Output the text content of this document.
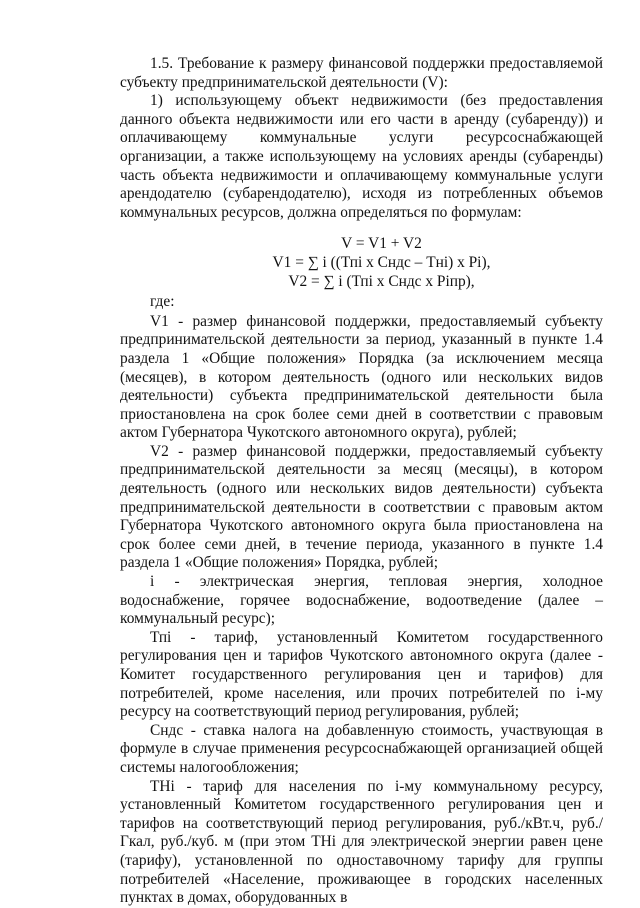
1.5. Требование к размеру финансовой поддержки предоставляемой субъекту предпринимательской деятельности (V):

1) использующему объект недвижимости (без предоставления данного объекта недвижимости или его части в аренду (субаренду)) и оплачивающему коммунальные услуги ресурсоснабжающей организации, а также использующему на условиях аренды (субаренды) часть объекта недвижимости и оплачивающему коммунальные услуги арендодателю (субарендодателю), исходя из потребленных объемов коммунальных ресурсов, должна определяться по формулам:

V = V1 + V2

V1 = ∑ i ((Тпi х Сндс – Тнi) х Рi),

V2 = ∑ i (Тпi х Сндс х Рiпр),

где:

V1 - размер финансовой поддержки, предоставляемый субъекту предпринимательской деятельности за период, указанный в пункте 1.4 раздела 1 «Общие положения» Порядка (за исключением месяца (месяцев), в котором деятельность (одного или нескольких видов деятельности) субъекта предпринимательской деятельности была приостановлена на срок более семи дней в соответствии с правовым актом Губернатора Чукотского автономного округа), рублей;

V2 - размер финансовой поддержки, предоставляемый субъекту предпринимательской деятельности за месяц (месяцы), в котором деятельность (одного или нескольких видов деятельности) субъекта предпринимательской деятельности в соответствии с правовым актом Губернатора Чукотского автономного округа была приостановлена на срок более семи дней, в течение периода, указанного в пункте 1.4 раздела 1 «Общие положения» Порядка, рублей;

i - электрическая энергия, тепловая энергия, холодное водоснабжение, горячее водоснабжение, водоотведение (далее – коммунальный ресурс);

Тпi - тариф, установленный Комитетом государственного регулирования цен и тарифов Чукотского автономного округа (далее - Комитет государственного регулирования цен и тарифов) для потребителей, кроме населения, или прочих потребителей по i-му ресурсу на соответствующий период регулирования, рублей;

Сндс - ставка налога на добавленную стоимость, участвующая в формуле в случае применения ресурсоснабжающей организацией общей системы налогообложения;

ТНi - тариф для населения по i-му коммунальному ресурсу, установленный Комитетом государственного регулирования цен и тарифов на соответствующий период регулирования, руб./кВт.ч, руб./Гкал, руб./куб. м (при этом ТНi для электрической энергии равен цене (тарифу), установленной по одноставочному тарифу для группы потребителей «Население, проживающее в городских населенных пунктах в домах, оборудованных в
